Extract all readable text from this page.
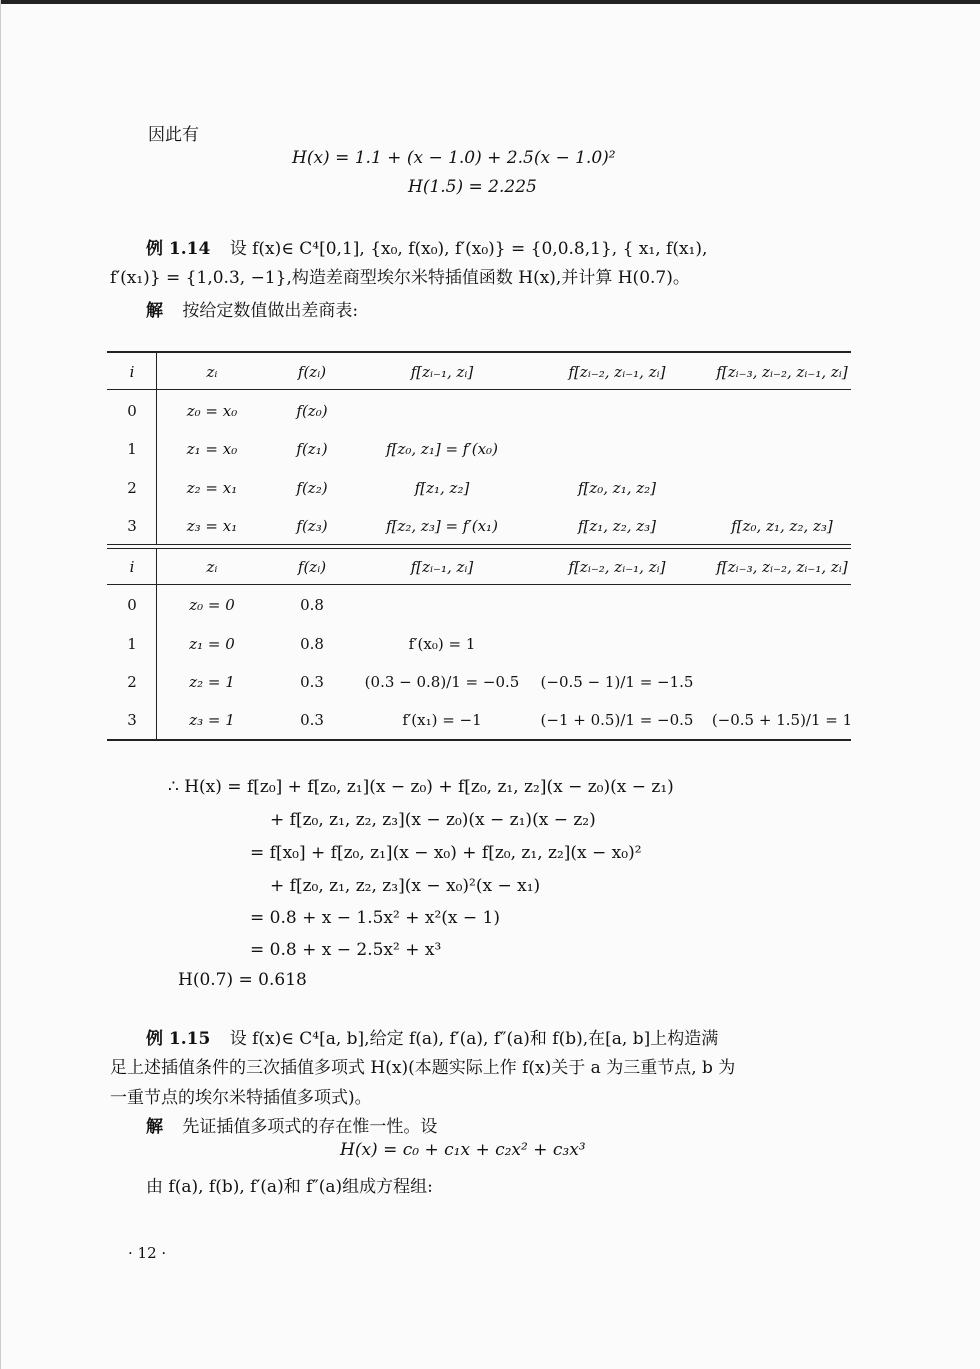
因此有
H(x) = 1.1 + (x − 1.0) + 2.5(x − 1.0)²
H(1.5) = 2.225
例 1.14 设 f(x)∈ C⁴[0,1], {x₀, f(x₀), f′(x₀)} = {0,0.8,1}, { x₁, f(x₁),
f′(x₁)} = {1,0.3, −1},构造差商型埃尔米特插值函数 H(x),并计算 H(0.7)。
解 按给定数值做出差商表:
i	zᵢ	f(zᵢ)	f[zᵢ₋₁, zᵢ]	f[zᵢ₋₂, zᵢ₋₁, zᵢ]	f[zᵢ₋₃, zᵢ₋₂, zᵢ₋₁, zᵢ]
0	z₀ = x₀	f(z₀)
1	z₁ = x₀	f(z₁)	f[z₀, z₁] = f′(x₀)
2	z₂ = x₁	f(z₂)	f[z₁, z₂]	f[z₀, z₁, z₂]
3	z₃ = x₁	f(z₃)	f[z₂, z₃] = f′(x₁)	f[z₁, z₂, z₃]	f[z₀, z₁, z₂, z₃]
i	zᵢ	f(zᵢ)	f[zᵢ₋₁, zᵢ]	f[zᵢ₋₂, zᵢ₋₁, zᵢ]	f[zᵢ₋₃, zᵢ₋₂, zᵢ₋₁, zᵢ]
0	z₀ = 0	0.8
1	z₁ = 0	0.8	f′(x₀) = 1
2	z₂ = 1	0.3	(0.3 − 0.8)/1 = −0.5	(−0.5 − 1)/1 = −1.5
3	z₃ = 1	0.3	f′(x₁) = −1	(−1 + 0.5)/1 = −0.5	(−0.5 + 1.5)/1 = 1
∴ H(x) = f[z₀] + f[z₀, z₁](x − z₀) + f[z₀, z₁, z₂](x − z₀)(x − z₁)
+ f[z₀, z₁, z₂, z₃](x − z₀)(x − z₁)(x − z₂)
= f[x₀] + f[z₀, z₁](x − x₀) + f[z₀, z₁, z₂](x − x₀)²
+ f[z₀, z₁, z₂, z₃](x − x₀)²(x − x₁)
= 0.8 + x − 1.5x² + x²(x − 1)
= 0.8 + x − 2.5x² + x³
H(0.7) = 0.618
例 1.15 设 f(x)∈ C⁴[a, b],给定 f(a), f′(a), f″(a)和 f(b),在[a, b]上构造满
足上述插值条件的三次插值多项式 H(x)(本题实际上作 f(x)关于 a 为三重节点, b 为
一重节点的埃尔米特插值多项式)。
解 先证插值多项式的存在惟一性。设
H(x) = c₀ + c₁x + c₂x² + c₃x³
由 f(a), f(b), f′(a)和 f″(a)组成方程组:
· 12 ·
